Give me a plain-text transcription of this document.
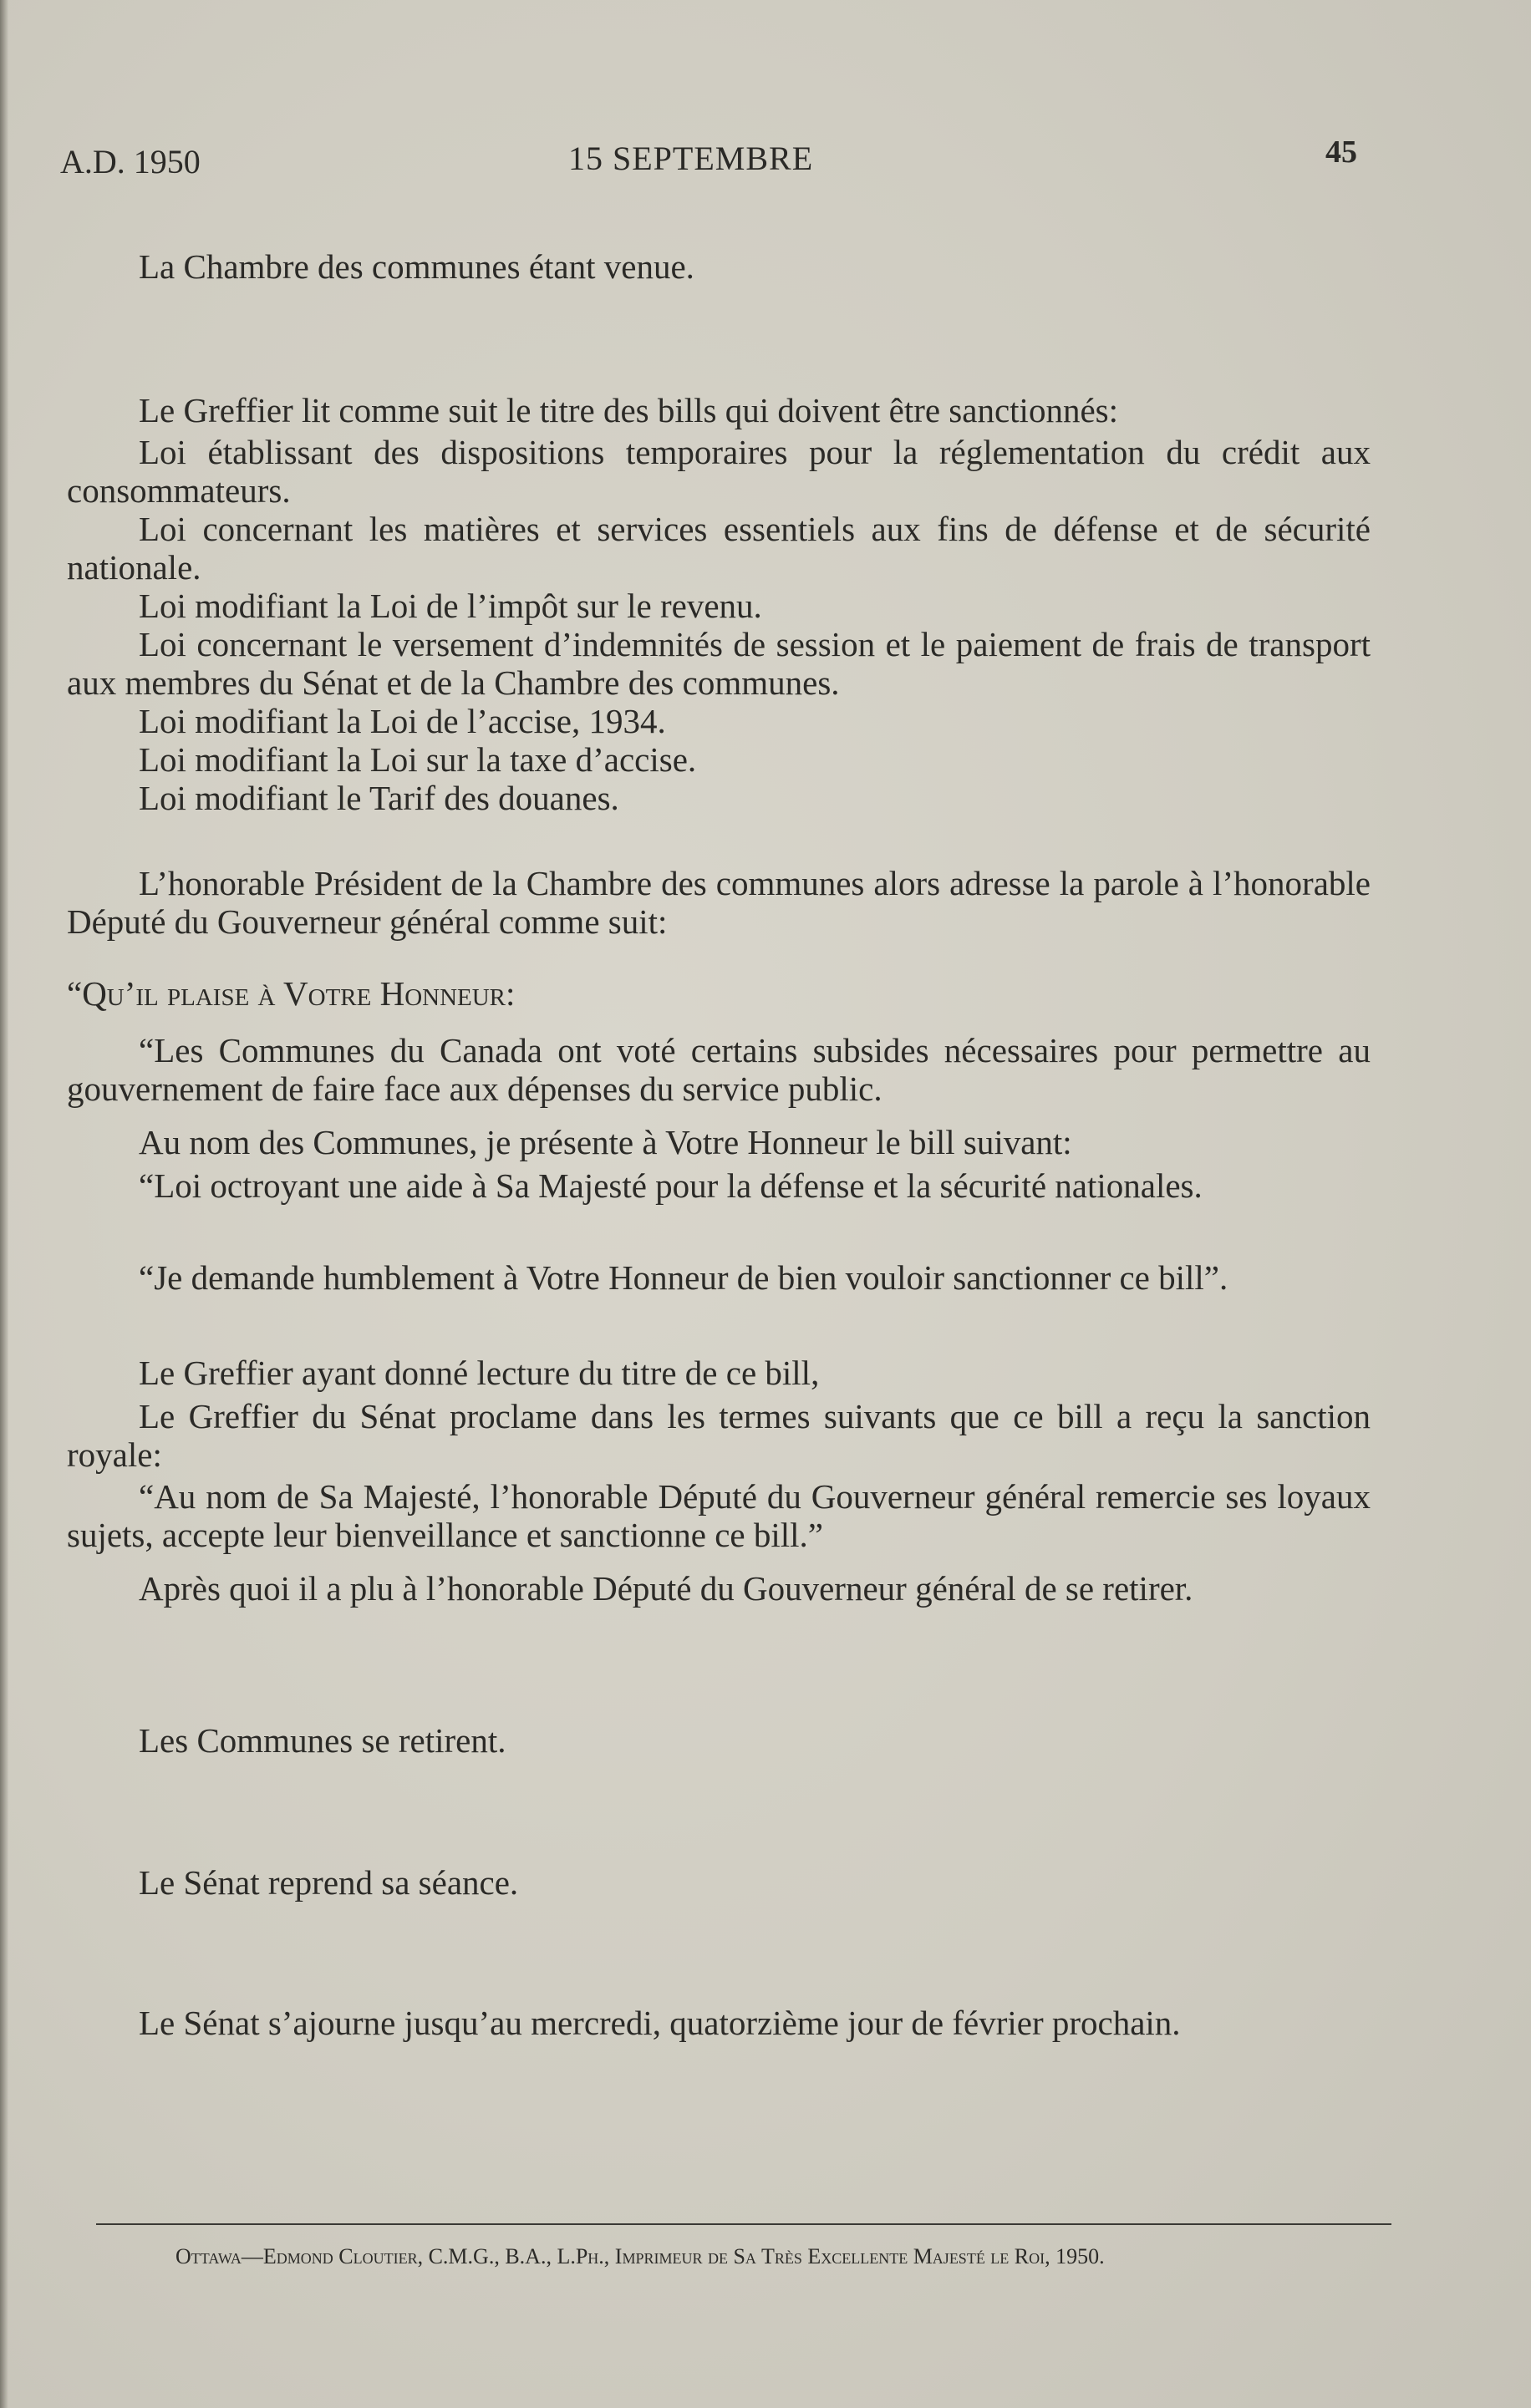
A.D. 1950	15 SEPTEMBRE	45

La Chambre des communes étant venue.

Le Greffier lit comme suit le titre des bills qui doivent être sanctionnés:

Loi établissant des dispositions temporaires pour la réglementation du crédit aux consommateurs.

Loi concernant les matières et services essentiels aux fins de défense et de sécurité nationale.

Loi modifiant la Loi de l’impôt sur le revenu.

Loi concernant le versement d’indemnités de session et le paiement de frais de transport aux membres du Sénat et de la Chambre des communes.

Loi modifiant la Loi de l’accise, 1934.

Loi modifiant la Loi sur la taxe d’accise.

Loi modifiant le Tarif des douanes.

L’honorable Président de la Chambre des communes alors adresse la parole à l’honorable Député du Gouverneur général comme suit:

“Qu’il plaise à Votre Honneur:

“Les Communes du Canada ont voté certains subsides nécessaires pour permettre au gouvernement de faire face aux dépenses du service public.

Au nom des Communes, je présente à Votre Honneur le bill suivant:

“Loi octroyant une aide à Sa Majesté pour la défense et la sécurité nationales.

“Je demande humblement à Votre Honneur de bien vouloir sanctionner ce bill”.

Le Greffier ayant donné lecture du titre de ce bill,

Le Greffier du Sénat proclame dans les termes suivants que ce bill a reçu la sanction royale:

“Au nom de Sa Majesté, l’honorable Député du Gouverneur général remercie ses loyaux sujets, accepte leur bienveillance et sanctionne ce bill.”

Après quoi il a plu à l’honorable Député du Gouverneur général de se retirer.

Les Communes se retirent.

Le Sénat reprend sa séance.

Le Sénat s’ajourne jusqu’au mercredi, quatorzième jour de février prochain.

Ottawa—Edmond Cloutier, C.M.G., B.A., L.Ph., Imprimeur de Sa Très Excellente Majesté le Roi, 1950.
